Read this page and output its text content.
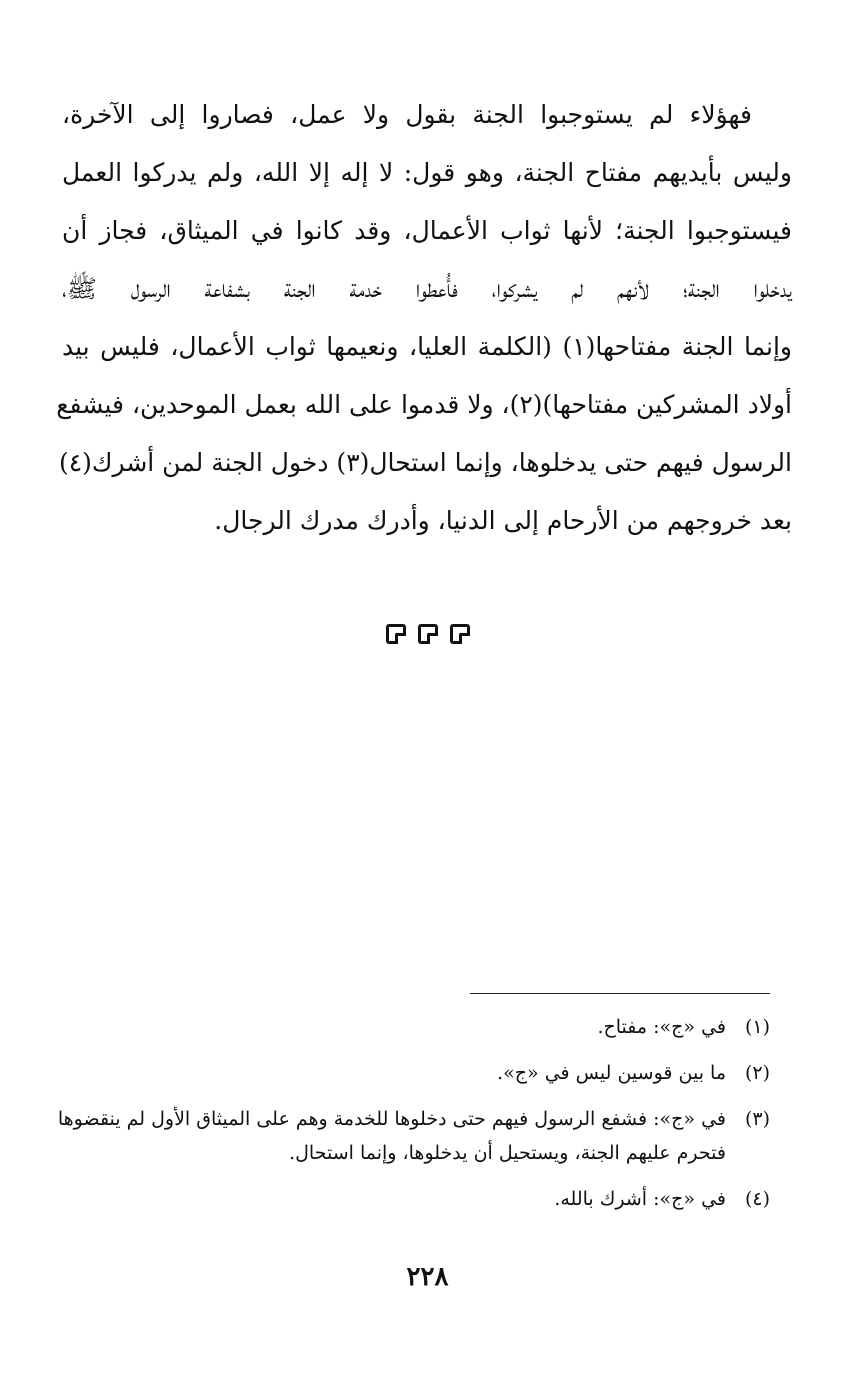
فهؤلاء لم يستوجبوا الجنة بقول ولا عمل، فصاروا إلى الآخرة،
وليس بأيديهم مفتاح الجنة، وهو قول: لا إله إلا الله، ولم يدركوا العمل
فيستوجبوا الجنة؛ لأنها ثواب الأعمال، وقد كانوا في الميثاق، فجاز أن
يدخلوا الجنة؛ لأنهم لم يشركوا، فأُعطوا خدمة الجنة بشفاعة الرسول ﷺ،
وإنما الجنة مفتاحها(١) (الكلمة العليا، ونعيمها ثواب الأعمال، فليس بيد
أولاد المشركين مفتاحها)(٢)، ولا قدموا على الله بعمل الموحدين، فيشفع
الرسول فيهم حتى يدخلوها، وإنما استحال(٣) دخول الجنة لمن أشرك(٤)
بعد خروجهم من الأرحام إلى الدنيا، وأدرك مدرك الرجال.
(١)
في «ج»: مفتاح.
(٢)
ما بين قوسين ليس في «ج».
(٣)
في «ج»: فشفع الرسول فيهم حتى دخلوها للخدمة وهم على الميثاق الأول لم ينقضوها فتحرم عليهم الجنة، ويستحيل أن يدخلوها، وإنما استحال.
(٤)
في «ج»: أشرك بالله.
٢٢٨
